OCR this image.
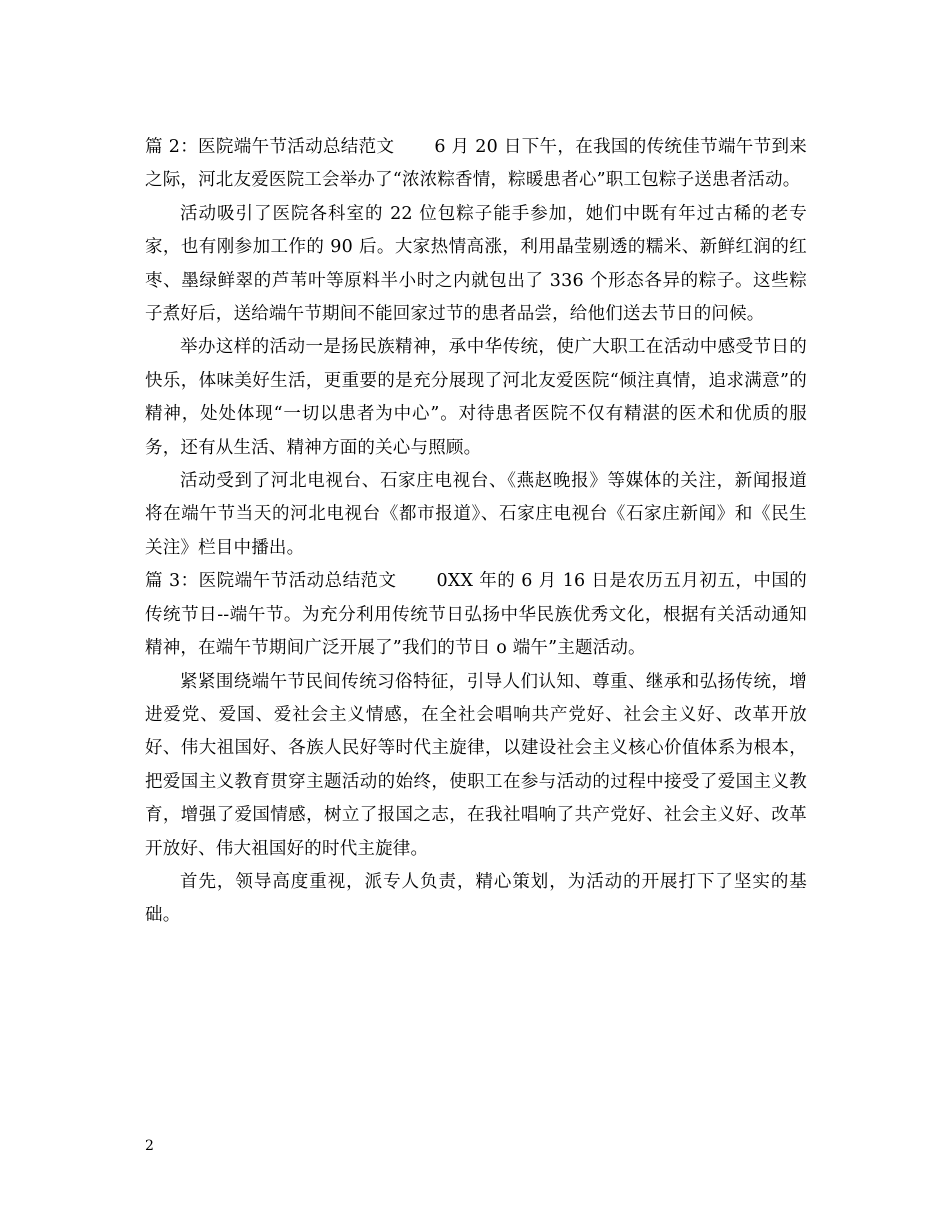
篇 2：医院端午节活动总结范文 6 月 20 日下午，在我国的传统佳节端午节到来之际，河北友爱医院工会举办了“浓浓粽香情，粽暖患者心”职工包粽子送患者活动。

活动吸引了医院各科室的 22 位包粽子能手参加，她们中既有年过古稀的老专家，也有刚参加工作的 90 后。大家热情高涨，利用晶莹剔透的糯米、新鲜红润的红枣、墨绿鲜翠的芦苇叶等原料半小时之内就包出了 336 个形态各异的粽子。这些粽子煮好后，送给端午节期间不能回家过节的患者品尝，给他们送去节日的问候。

举办这样的活动一是扬民族精神，承中华传统，使广大职工在活动中感受节日的快乐，体味美好生活，更重要的是充分展现了河北友爱医院“倾注真情，追求满意”的精神，处处体现“一切以患者为中心”。对待患者医院不仅有精湛的医术和优质的服务，还有从生活、精神方面的关心与照顾。

活动受到了河北电视台、石家庄电视台、《燕赵晚报》等媒体的关注，新闻报道将在端午节当天的河北电视台《都市报道》、石家庄电视台《石家庄新闻》和《民生关注》栏目中播出。

篇 3：医院端午节活动总结范文 0XX 年的 6 月 16 日是农历五月初五，中国的传统节日--端午节。为充分利用传统节日弘扬中华民族优秀文化，根据有关活动通知精神，在端午节期间广泛开展了”我们的节日 o 端午”主题活动。

紧紧围绕端午节民间传统习俗特征，引导人们认知、尊重、继承和弘扬传统，增进爱党、爱国、爱社会主义情感，在全社会唱响共产党好、社会主义好、改革开放好、伟大祖国好、各族人民好等时代主旋律，以建设社会主义核心价值体系为根本，把爱国主义教育贯穿主题活动的始终，使职工在参与活动的过程中接受了爱国主义教育，增强了爱国情感，树立了报国之志，在我社唱响了共产党好、社会主义好、改革开放好、伟大祖国好的时代主旋律。

首先，领导高度重视，派专人负责，精心策划，为活动的开展打下了坚实的基础。

2
